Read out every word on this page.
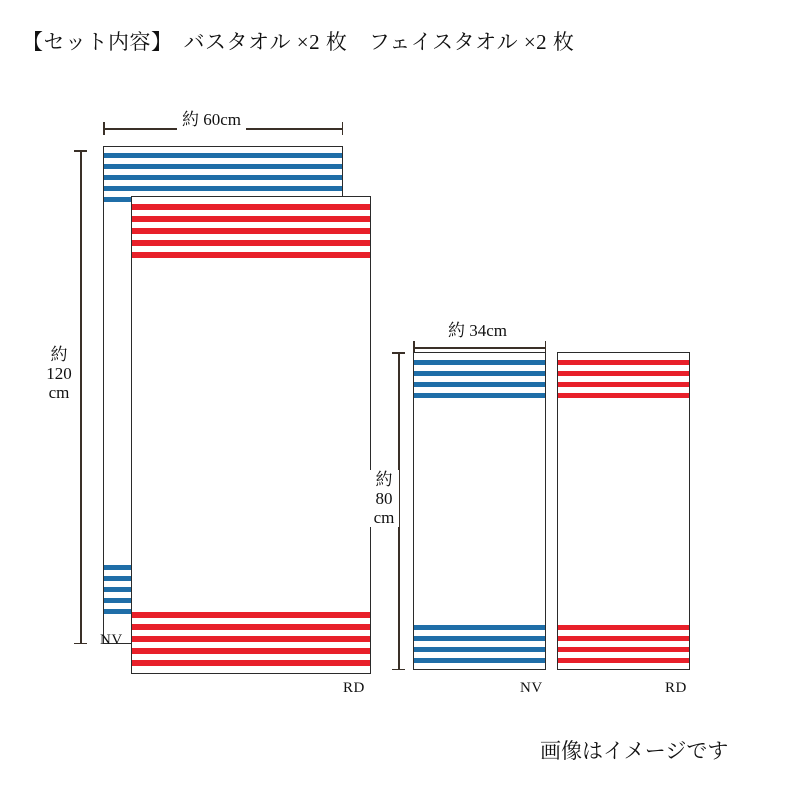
【セット内容】　バスタオル ×2 枚　フェイスタオル ×2 枚
約 60cm
約
120
cm
NV
RD
約 34cm
約
80
cm
NV	RD
画像はイメージです
